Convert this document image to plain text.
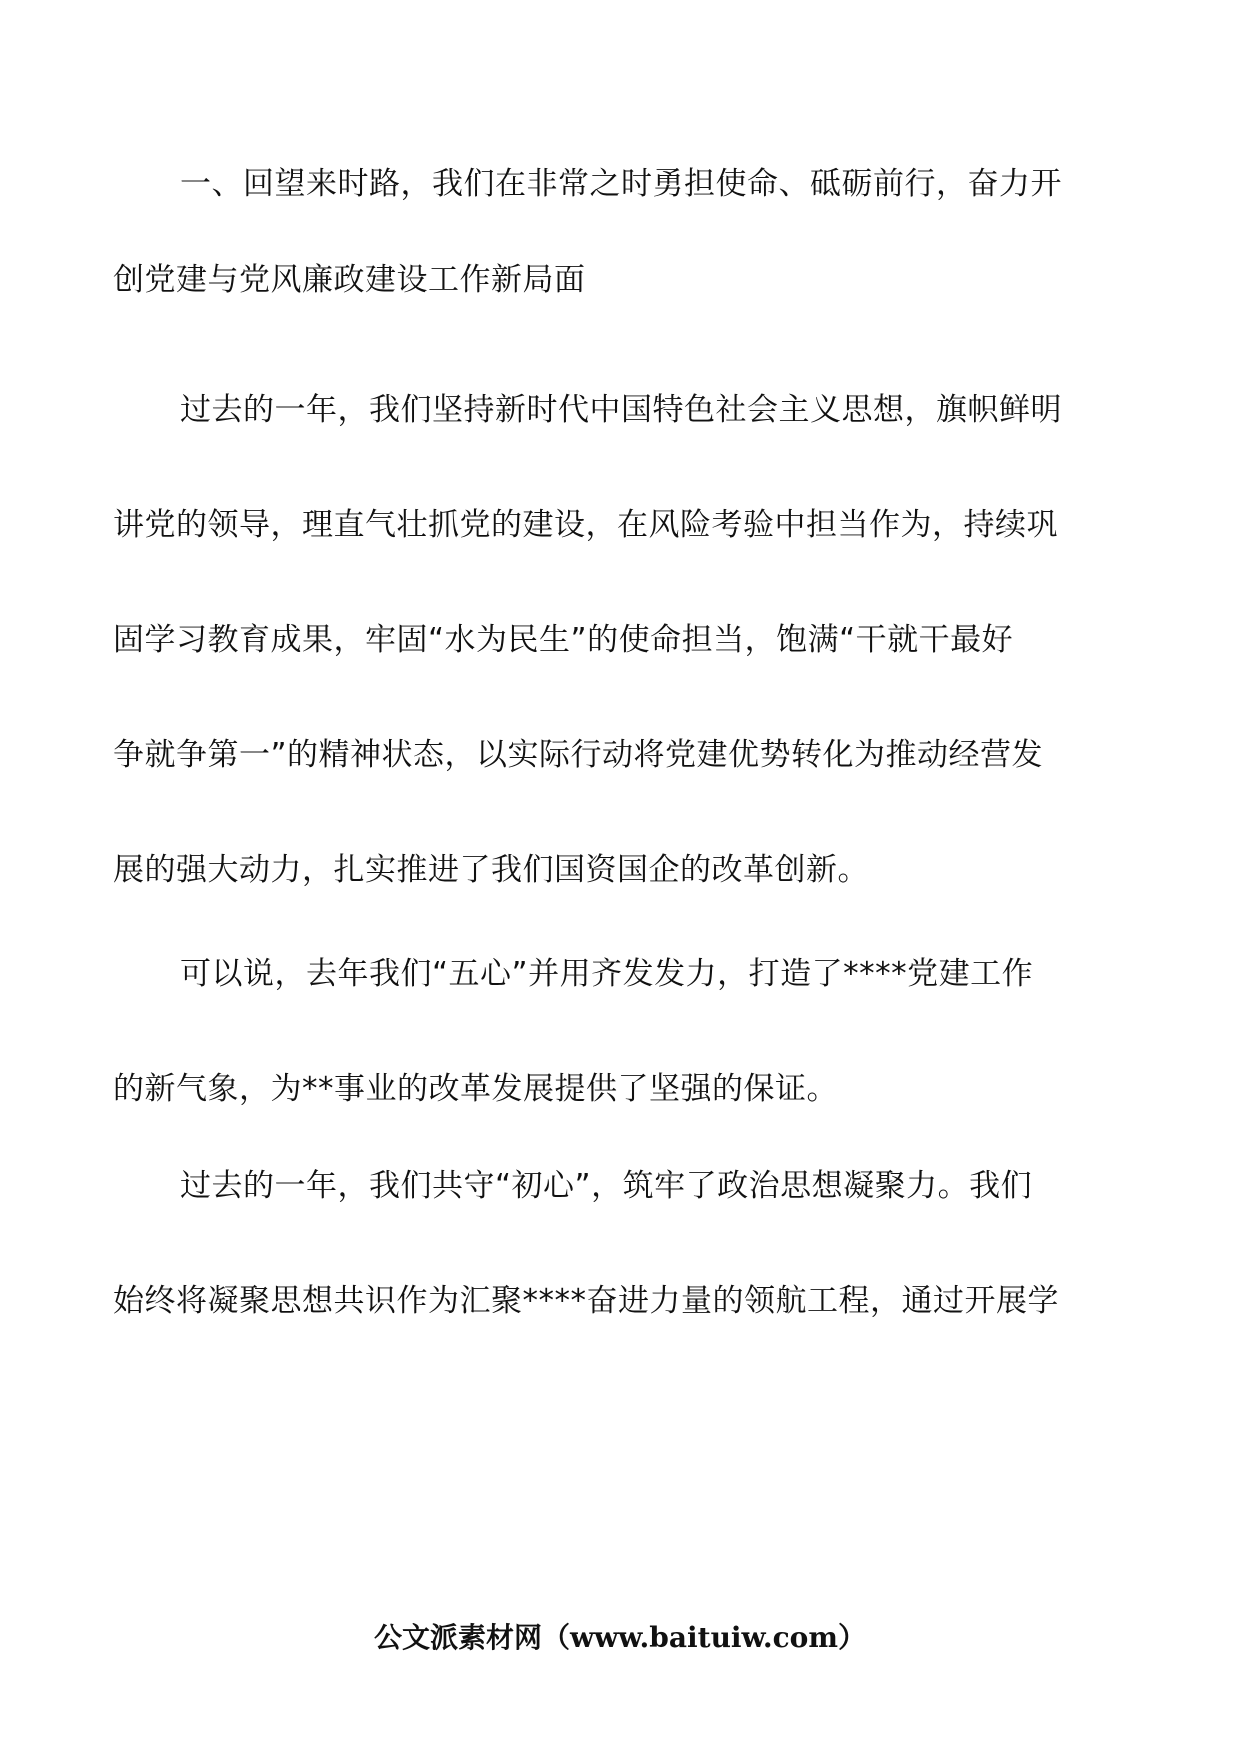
一、回望来时路，我们在非常之时勇担使命、砥砺前行，奋力开
创党建与党风廉政建设工作新局面
过去的一年，我们坚持新时代中国特色社会主义思想，旗帜鲜明
讲党的领导，理直气壮抓党的建设，在风险考验中担当作为，持续巩
固学习教育成果，牢固“水为民生”的使命担当，饱满“干就干最好
争就争第一”的精神状态，以实际行动将党建优势转化为推动经营发
展的强大动力，扎实推进了我们国资国企的改革创新。
可以说，去年我们“五心”并用齐发发力，打造了****党建工作
的新气象，为**事业的改革发展提供了坚强的保证。
过去的一年，我们共守“初心”，筑牢了政治思想凝聚力。我们
始终将凝聚思想共识作为汇聚****奋进力量的领航工程，通过开展学
公文派素材网（www.baituiw.com）
